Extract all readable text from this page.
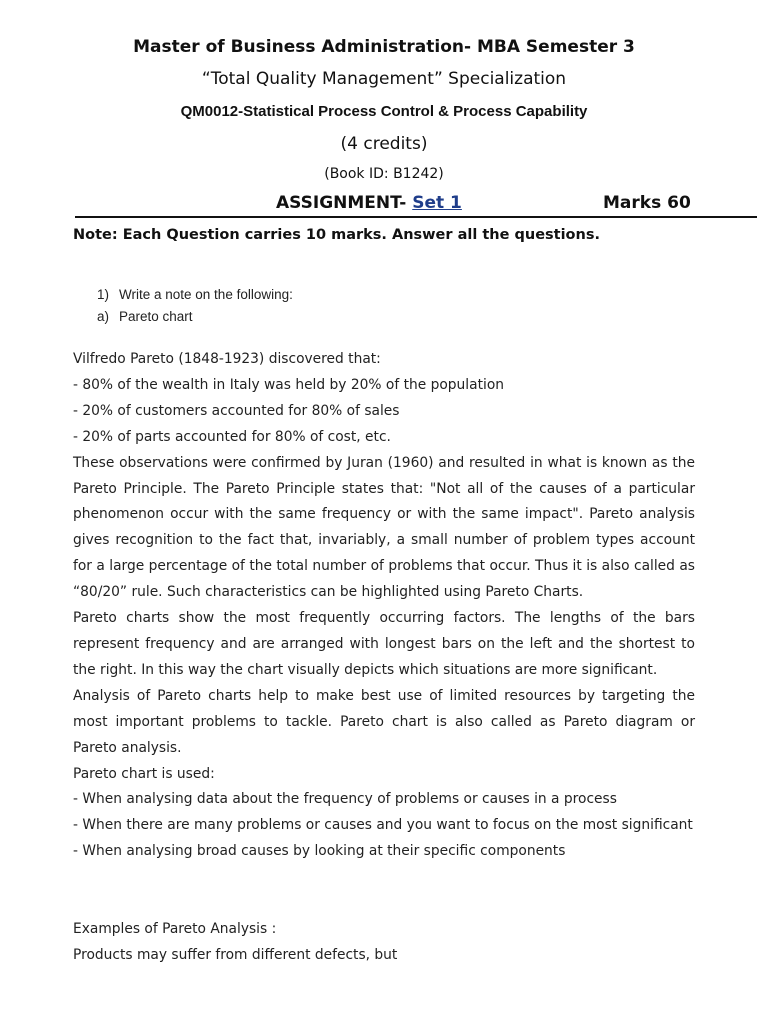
Master of Business Administration- MBA Semester 3
“Total Quality Management” Specialization
QM0012-Statistical Process Control & Process Capability
(4 credits)
(Book ID: B1242)
ASSIGNMENT- Set 1	Marks 60
Note: Each Question carries 10 marks. Answer all the questions.
1) Write a note on the following:
a) Pareto chart

Vilfredo Pareto (1848-1923) discovered that:

- 80% of the wealth in Italy was held by 20% of the population

- 20% of customers accounted for 80% of sales

- 20% of parts accounted for 80% of cost, etc.

These observations were confirmed by Juran (1960) and resulted in what is known as the Pareto Principle. The Pareto Principle states that: "Not all of the causes of a particular phenomenon occur with the same frequency or with the same impact". Pareto analysis gives recognition to the fact that, invariably, a small number of problem types account for a large percentage of the total number of problems that occur. Thus it is also called as “80/20” rule. Such characteristics can be highlighted using Pareto Charts.

Pareto charts show the most frequently occurring factors. The lengths of the bars represent frequency and are arranged with longest bars on the left and the shortest to the right. In this way the chart visually depicts which situations are more significant.

Analysis of Pareto charts help to make best use of limited resources by targeting the most important problems to tackle. Pareto chart is also called as Pareto diagram or Pareto analysis.

Pareto chart is used:

- When analysing data about the frequency of problems or causes in a process

- When there are many problems or causes and you want to focus on the most significant

- When analysing broad causes by looking at their specific components

Examples of Pareto Analysis :

Products may suffer from different defects, but
